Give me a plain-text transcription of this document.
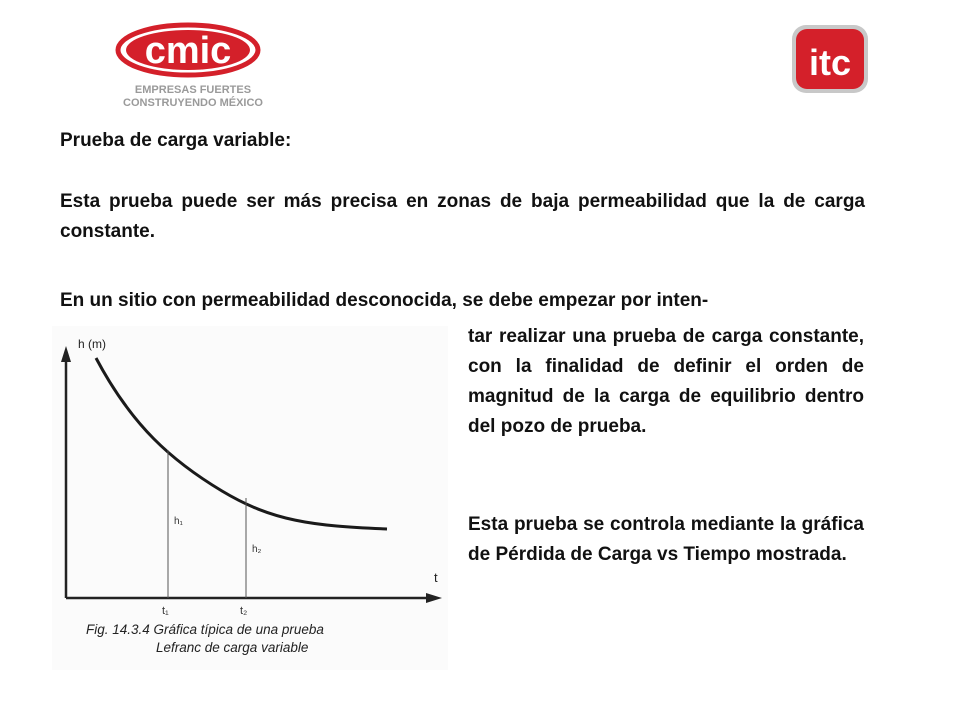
cmic
EMPRESAS FUERTES
CONSTRUYENDO MÉXICO
itc
Prueba de carga variable:
Esta prueba puede ser más precisa en zonas de baja permeabilidad que la de carga constante.
En un sitio con permeabilidad desconocida, se debe empezar por inten-
tar realizar una prueba de carga constante, con la finalidad de definir el orden de magnitud de la carga de equilibrio dentro del pozo de prueba.
Esta prueba se controla mediante la gráfica de Pérdida de Carga vs Tiempo mostrada.
h (m)
t
h₁
h₂
t₁	t₂
Fig. 14.3.4 Gráfica típica de una prueba
Lefranc de carga variable
